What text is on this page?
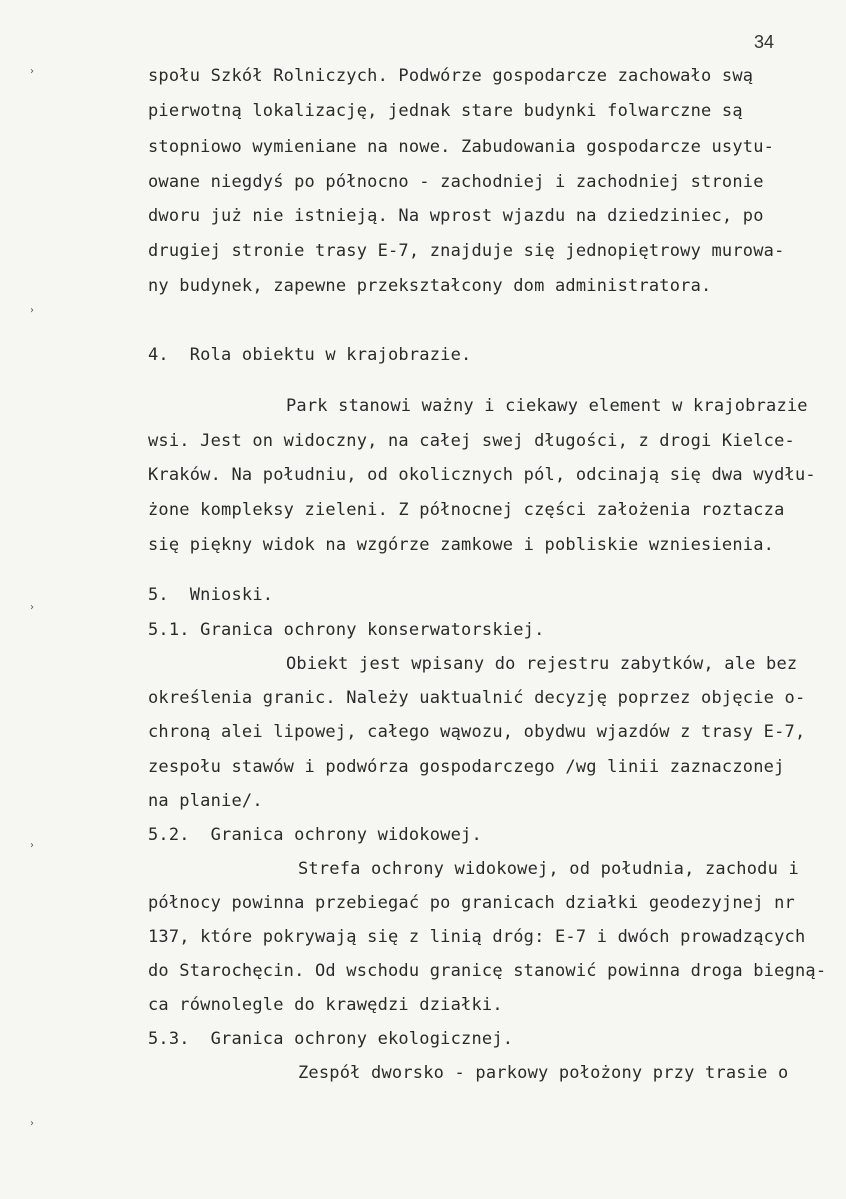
34
›
›
›
›
›
społu Szkół Rolniczych. Podwórze gospodarcze zachowało swą
pierwotną lokalizację, jednak stare budynki folwarczne są
stopniowo wymieniane na nowe. Zabudowania gospodarcze usytu-
owane niegdyś po północno - zachodniej i zachodniej stronie
dworu już nie istnieją. Na wprost wjazdu na dziedziniec, po
drugiej stronie trasy E-7, znajduje się jednopiętrowy murowa-
ny budynek, zapewne przekształcony dom administratora.
4.  Rola obiektu w krajobrazie.
Park stanowi ważny i ciekawy element w krajobrazie
wsi. Jest on widoczny, na całej swej długości, z drogi Kielce-
Kraków. Na południu, od okolicznych pól, odcinają się dwa wydłu-
żone kompleksy zieleni. Z północnej części założenia roztacza
się piękny widok na wzgórze zamkowe i pobliskie wzniesienia.
5.  Wnioski.
5.1. Granica ochrony konserwatorskiej.
Obiekt jest wpisany do rejestru zabytków, ale bez
określenia granic. Należy uaktualnić decyzję poprzez objęcie o-
chroną alei lipowej, całego wąwozu, obydwu wjazdów z trasy E-7,
zespołu stawów i podwórza gospodarczego /wg linii zaznaczonej
na planie/.
5.2.  Granica ochrony widokowej.
Strefa ochrony widokowej, od południa, zachodu i
północy powinna przebiegać po granicach działki geodezyjnej nr
137, które pokrywają się z linią dróg: E-7 i dwóch prowadzących
do Starochęcin. Od wschodu granicę stanowić powinna droga biegną-
ca równolegle do krawędzi działki.
5.3.  Granica ochrony ekologicznej.
Zespół dworsko - parkowy położony przy trasie o
